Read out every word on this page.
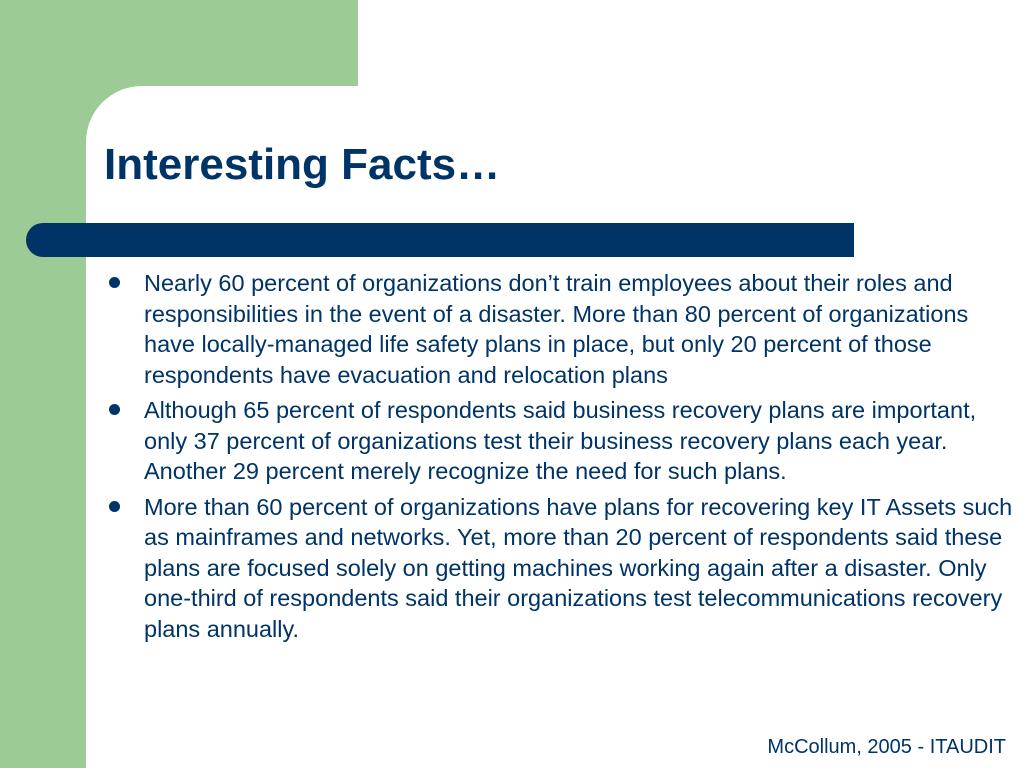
Interesting Facts…
Nearly 60 percent of organizations don’t train employees about their roles and responsibilities in the event of a disaster. More than 80 percent of organizations have locally-managed life safety plans in place, but only 20 percent of those respondents have evacuation and relocation plans
Although 65 percent of respondents said business recovery plans are important, only 37 percent of organizations test their business recovery plans each year. Another 29 percent merely recognize the need for such plans.
More than 60 percent of organizations have plans for recovering key IT Assets such as mainframes and networks. Yet, more than 20 percent of respondents said these plans are focused solely on getting machines working again after a disaster. Only one-third of respondents said their organizations test telecommunications recovery plans annually.
McCollum, 2005 - ITAUDIT
